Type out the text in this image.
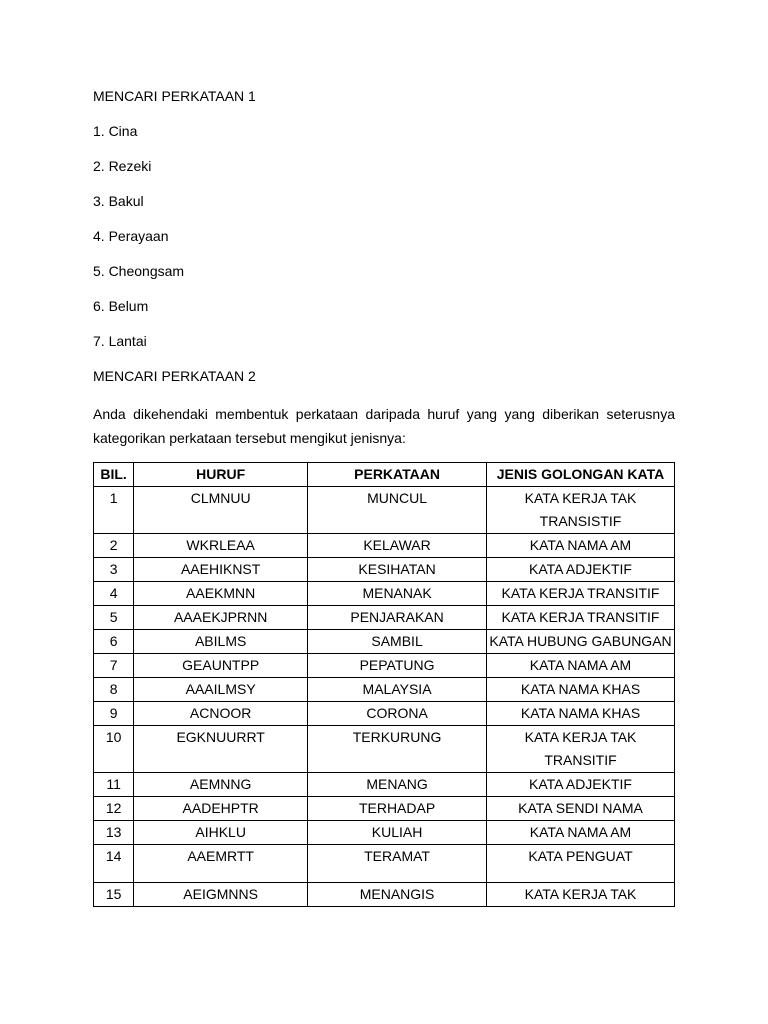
MENCARI PERKATAAN 1
1. Cina
2. Rezeki
3. Bakul
4. Perayaan
5. Cheongsam
6. Belum
7. Lantai
MENCARI PERKATAAN 2
Anda dikehendaki membentuk perkataan daripada huruf yang yang diberikan seterusnya kategorikan perkataan tersebut mengikut jenisnya:
BIL.	HURUF	PERKATAAN	JENIS GOLONGAN KATA
1	CLMNUU	MUNCUL	KATA KERJA TAK TRANSISTIF
2	WKRLEAA	KELAWAR	KATA NAMA AM
3	AAEHIKNST	KESIHATAN	KATA ADJEKTIF
4	AAEKMNN	MENANAK	KATA KERJA TRANSITIF
5	AAAEKJPRNN	PENJARAKAN	KATA KERJA TRANSITIF
6	ABILMS	SAMBIL	KATA HUBUNG GABUNGAN
7	GEAUNTPP	PEPATUNG	KATA NAMA AM
8	AAAILMSY	MALAYSIA	KATA NAMA KHAS
9	ACNOOR	CORONA	KATA NAMA KHAS
10	EGKNUURRT	TERKURUNG	KATA KERJA TAK TRANSITIF
11	AEMNNG	MENANG	KATA ADJEKTIF
12	AADEHPTR	TERHADAP	KATA SENDI NAMA
13	AIHKLU	KULIAH	KATA NAMA AM
14	AAEMRTT	TERAMAT	KATA PENGUAT
15	AEIGMNNS	MENANGIS	KATA KERJA TAK
